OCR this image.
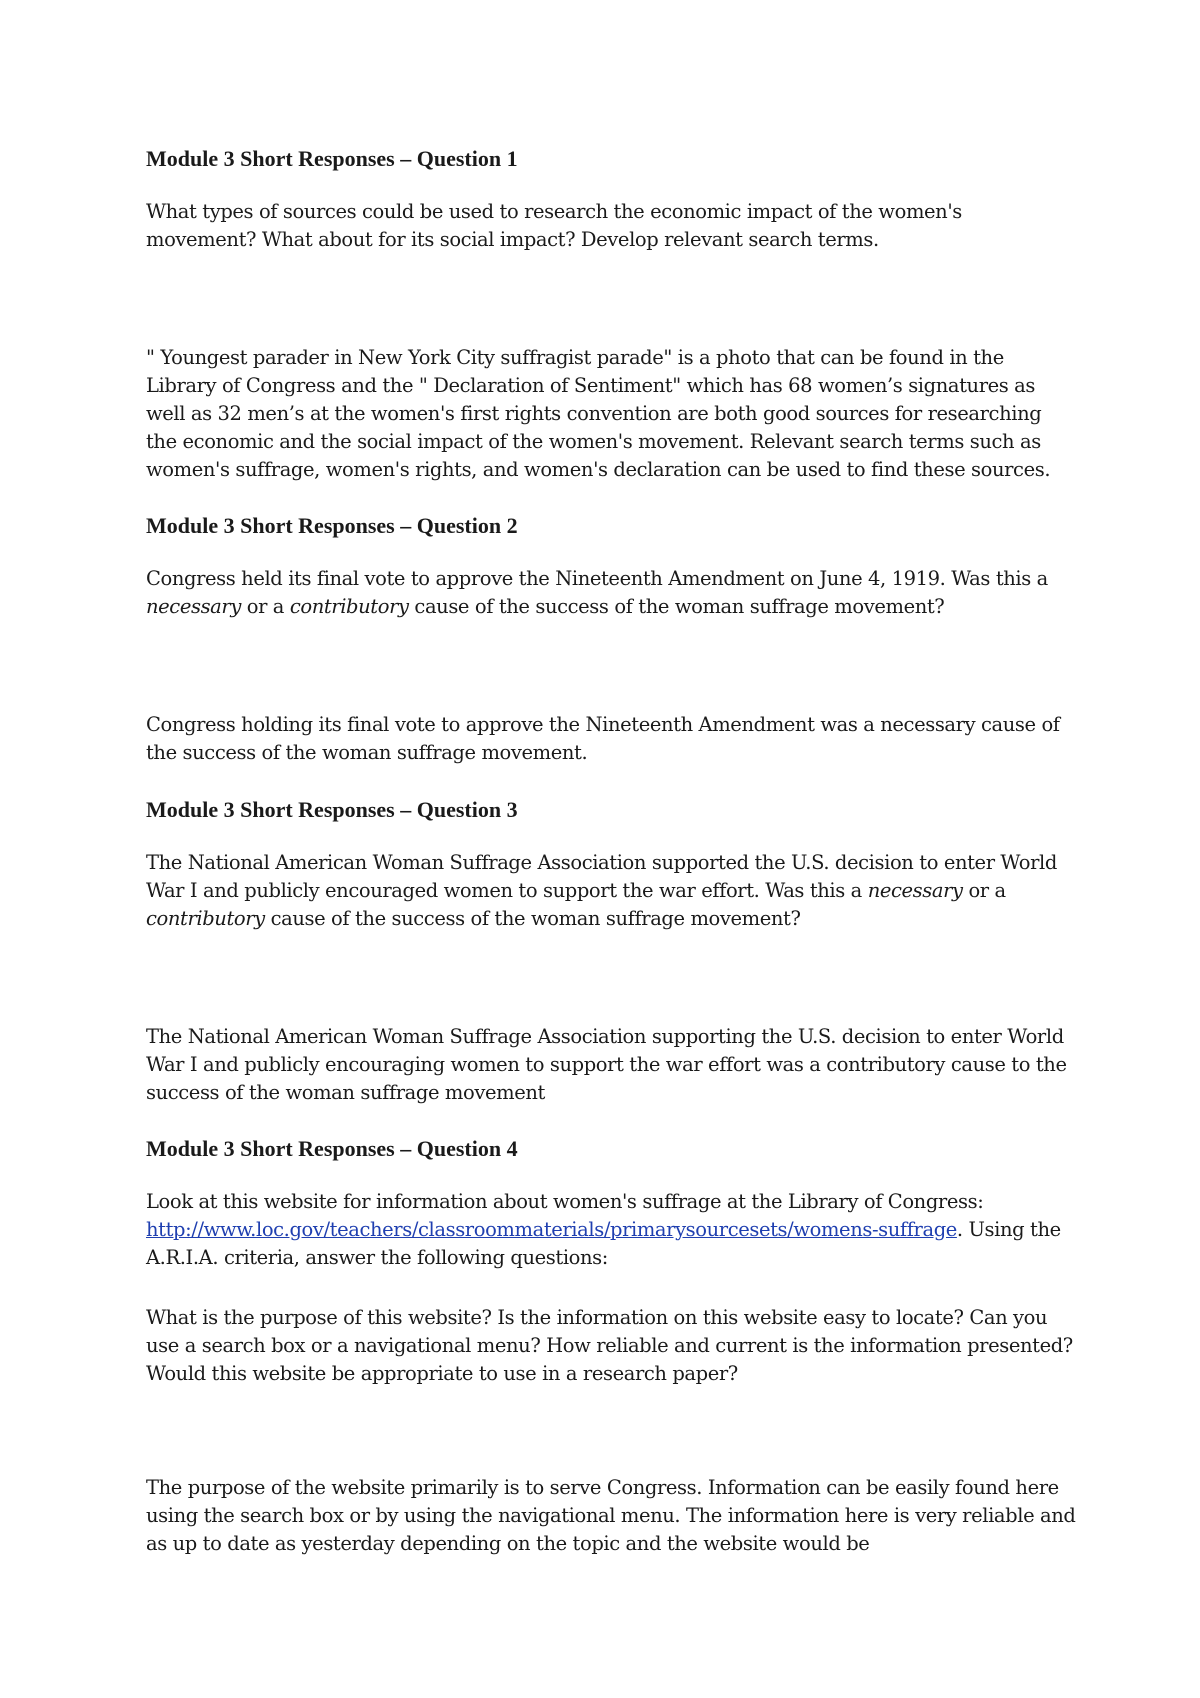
Module 3 Short Responses – Question 1

What types of sources could be used to research the economic impact of the women's movement? What about for its social impact? Develop relevant search terms.

" Youngest parader in New York City suffragist parade" is a photo that can be found in the Library of Congress and the " Declaration of Sentiment" which has 68 women’s signatures as well as 32 men’s at the women's first rights convention are both good sources for researching the economic and the social impact of the women's movement. Relevant search terms such as women's suffrage, women's rights, and women's declaration can be used to find these sources.

Module 3 Short Responses – Question 2

Congress held its final vote to approve the Nineteenth Amendment on June 4, 1919. Was this a necessary or a contributory cause of the success of the woman suffrage movement?

Congress holding its final vote to approve the Nineteenth Amendment was a necessary cause of the success of the woman suffrage movement.

Module 3 Short Responses – Question 3

The National American Woman Suffrage Association supported the U.S. decision to enter World War I and publicly encouraged women to support the war effort. Was this a necessary or a contributory cause of the success of the woman suffrage movement?

The National American Woman Suffrage Association supporting the U.S. decision to enter World War I and publicly encouraging women to support the war effort was a contributory cause to the success of the woman suffrage movement

Module 3 Short Responses – Question 4

Look at this website for information about women's suffrage at the Library of Congress: http://www.loc.gov/teachers/classroommaterials/primarysourcesets/womens-suffrage. Using the A.R.I.A. criteria, answer the following questions:

What is the purpose of this website? Is the information on this website easy to locate? Can you use a search box or a navigational menu? How reliable and current is the information presented? Would this website be appropriate to use in a research paper?

The purpose of the website primarily is to serve Congress. Information can be easily found here using the search box or by using the navigational menu. The information here is very reliable and as up to date as yesterday depending on the topic and the website would be
